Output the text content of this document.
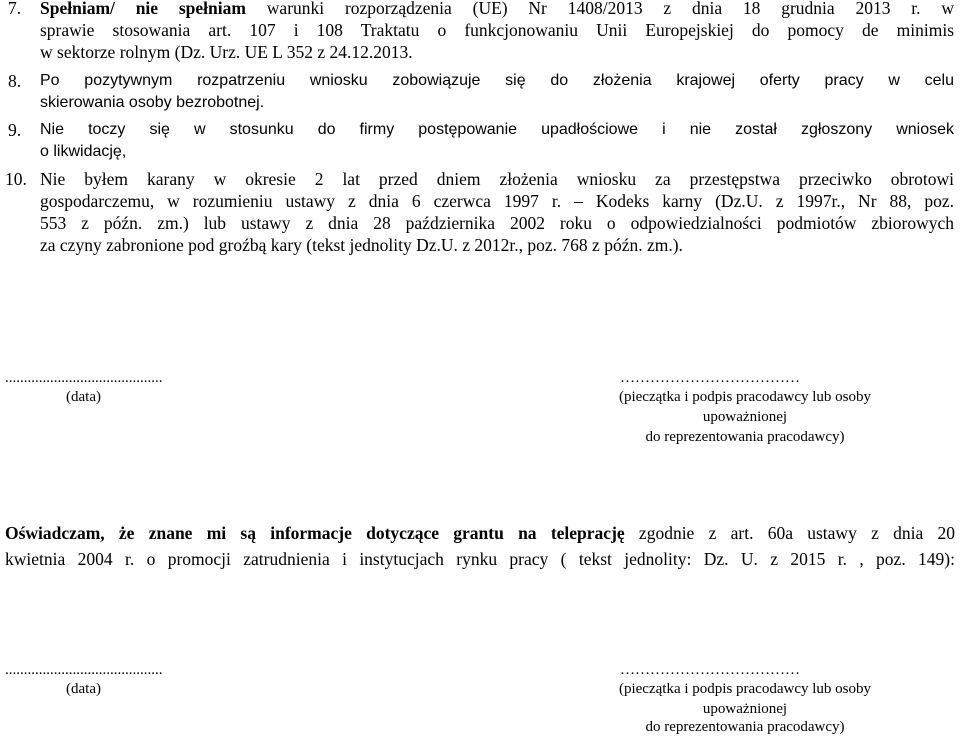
7. Spełniam/ nie spełniam warunki rozporządzenia (UE) Nr 1408/2013 z dnia 18 grudnia 2013 r. w
sprawie stosowania art. 107 i 108 Traktatu o funkcjonowaniu Unii Europejskiej do pomocy de minimis
w sektorze rolnym (Dz. Urz. UE L 352 z 24.12.2013.
8. Po pozytywnym rozpatrzeniu wniosku zobowiązuje się do złożenia krajowej oferty pracy w celu
skierowania osoby bezrobotnej.
9. Nie toczy się w stosunku do firmy postępowanie upadłościowe i nie został zgłoszony wniosek
o likwidację,
10. Nie byłem karany w okresie 2 lat przed dniem złożenia wniosku za przestępstwa przeciwko obrotowi
gospodarczemu, w rozumieniu ustawy z dnia 6 czerwca 1997 r. – Kodeks karny (Dz.U. z 1997r., Nr 88, poz.
553 z późn. zm.) lub ustawy z dnia 28 października 2002 roku o odpowiedzialności podmiotów zbiorowych
za czyny zabronione pod groźbą kary (tekst jednolity Dz.U. z 2012r., poz. 768 z późn. zm.).
..........................................
(data)
………………………………
(pieczątka i podpis pracodawcy lub osoby
upoważnionej
do reprezentowania pracodawcy)
Oświadczam, że znane mi są informacje dotyczące grantu na teleprację zgodnie z art. 60a ustawy z dnia 20
kwietnia 2004 r. o promocji zatrudnienia i instytucjach rynku pracy ( tekst jednolity: Dz. U. z 2015 r. , poz. 149):
..........................................
(data)
………………………………
(pieczątka i podpis pracodawcy lub osoby
upoważnionej
do reprezentowania pracodawcy)
